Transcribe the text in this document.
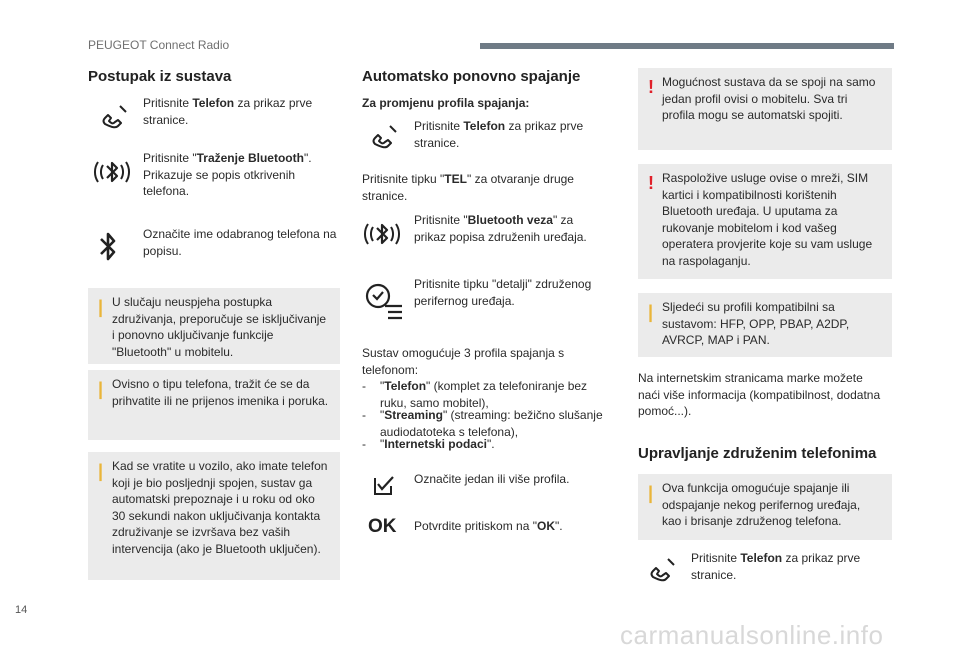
PEUGEOT Connect Radio
14
carmanualsonline.info
Postupak iz sustava
Pritisnite Telefon za prikaz prve stranice.
Pritisnite "Traženje Bluetooth". Prikazuje se popis otkrivenih telefona.
Označite ime odabranog telefona na popisu.
| U slučaju neuspjeha postupka združivanja, preporučuje se isključivanje i ponovno uključivanje funkcije "Bluetooth" u mobitelu.
| Ovisno o tipu telefona, tražit će se da prihvatite ili ne prijenos imenika i poruka.
| Kad se vratite u vozilo, ako imate telefon koji je bio posljednji spojen, sustav ga automatski prepoznaje i u roku od oko 30 sekundi nakon uključivanja kontakta združivanje se izvršava bez vaših intervencija (ako je Bluetooth uključen).
Automatsko ponovno spajanje
Za promjenu profila spajanja:
Pritisnite Telefon za prikaz prve stranice.
Pritisnite tipku "TEL" za otvaranje druge stranice.
Pritisnite "Bluetooth veza" za prikaz popisa združenih uređaja.
Pritisnite tipku "detalji" združenog perifernog uređaja.
Sustav omogućuje 3 profila spajanja s telefonom:
- "Telefon" (komplet za telefoniranje bez ruku, samo mobitel),
- "Streaming" (streaming: bežično slušanje audiodatoteka s telefona),
- "Internetski podaci".
Označite jedan ili više profila.
OK Potvrdite pritiskom na "OK".
! Mogućnost sustava da se spoji na samo jedan profil ovisi o mobitelu. Sva tri profila mogu se automatski spojiti.
! Raspoložive usluge ovise o mreži, SIM kartici i kompatibilnosti korištenih Bluetooth uređaja. U uputama za rukovanje mobitelom i kod vašeg operatera provjerite koje su vam usluge na raspolaganju.
| Sljedeći su profili kompatibilni sa sustavom: HFP, OPP, PBAP, A2DP, AVRCP, MAP i PAN.
Na internetskim stranicama marke možete naći više informacija (kompatibilnost, dodatna pomoć...).
Upravljanje združenim telefonima
| Ova funkcija omogućuje spajanje ili odspajanje nekog perifernog uređaja, kao i brisanje združenog telefona.
Pritisnite Telefon za prikaz prve stranice.
